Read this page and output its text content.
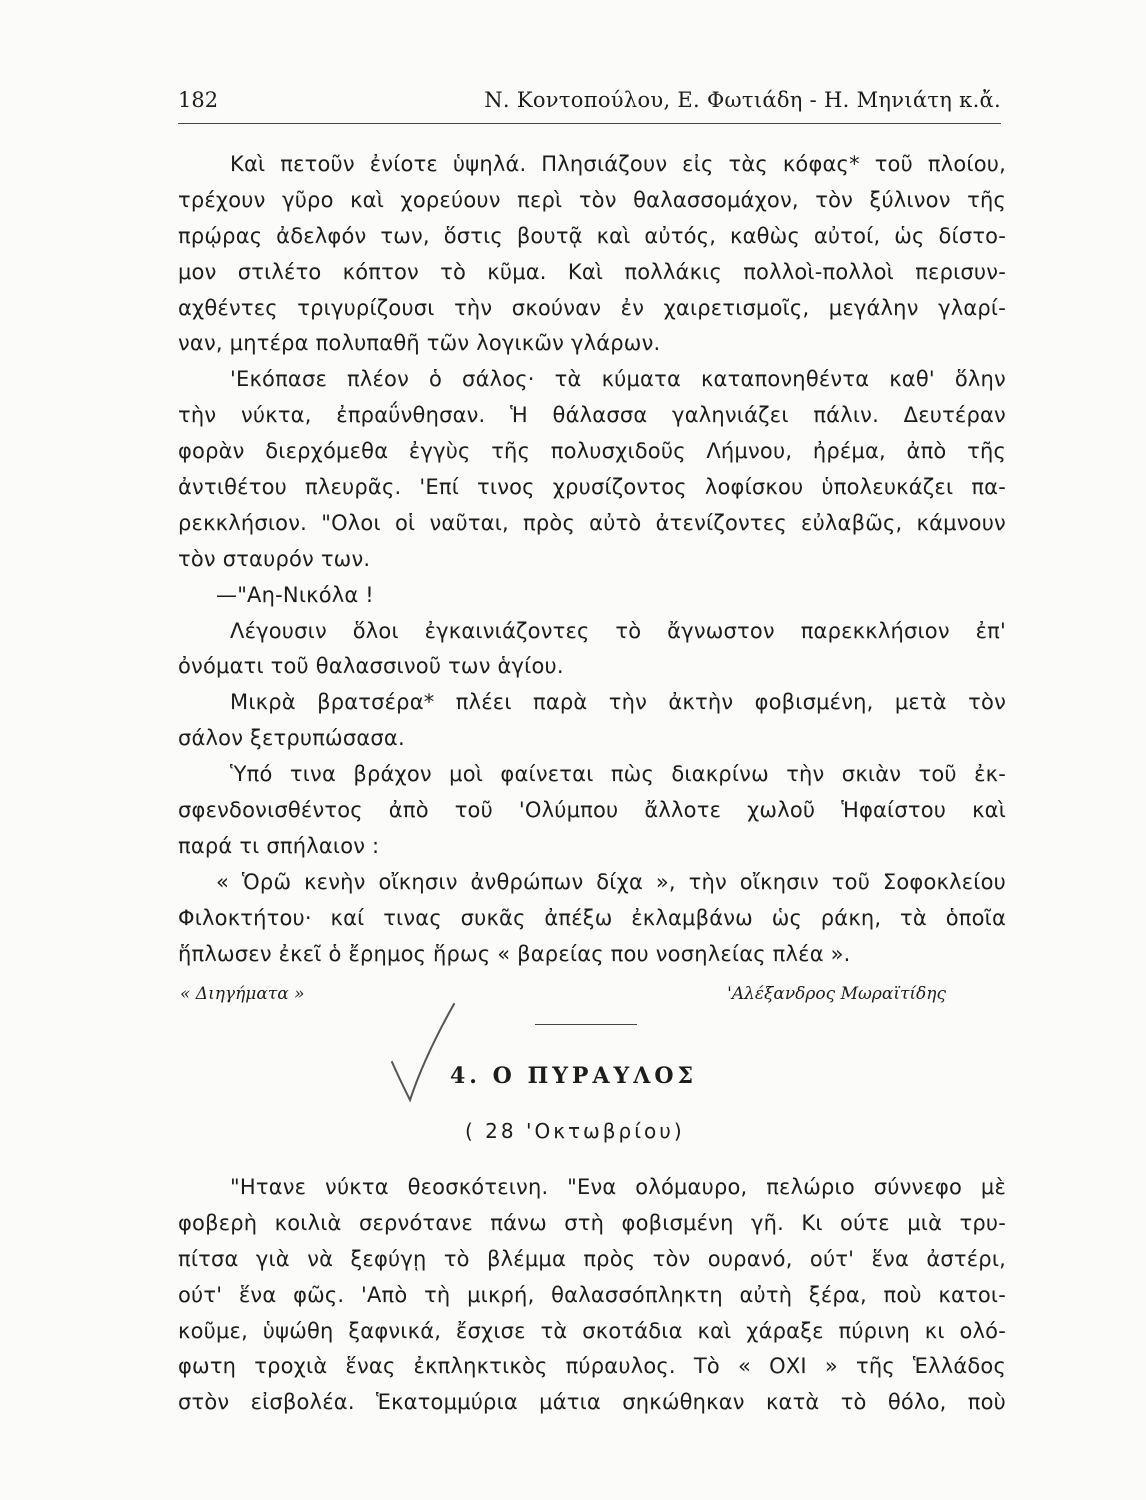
182	Ν. Κοντοπούλου, Ε. Φωτιάδη - Η. Μηνιάτη κ.ἄ.
Καὶ πετοῦν ἐνίοτε ὑψηλά. Πλησιάζουν εἰς τὰς κόφας* τοῦ πλοίου,
τρέχουν γῦρο καὶ χορεύουν περὶ τὸν θαλασσομάχον, τὸν ξύλινον τῆς
πρῴρας ἀδελφόν των, ὅστις βουτᾷ καὶ αὐτός, καθὼς αὐτοί, ὡς δίστο-
μον στιλέτο κόπτον τὸ κῦμα. Καὶ πολλάκις πολλοὶ-πολλοὶ περισυν-
αχθέντες τριγυρίζουσι τὴν σκούναν ἐν χαιρετισμοῖς, μεγάλην γλαρί-
ναν, μητέρα πολυπαθῆ τῶν λογικῶν γλάρων.
'Εκόπασε πλέον ὁ σάλος· τὰ κύματα καταπονηθέντα καθ' ὅλην
τὴν νύκτα, ἐπραΰνθησαν. Ἡ θάλασσα γαληνιάζει πάλιν. Δευτέραν
φορὰν διερχόμεθα ἐγγὺς τῆς πολυσχιδοῦς Λήμνου, ἠρέμα, ἀπὸ τῆς
ἀντιθέτου πλευρᾶς. 'Επί τινος χρυσίζοντος λοφίσκου ὑπολευκάζει πα-
ρεκκλήσιον. "Ολοι οἱ ναῦται, πρὸς αὐτὸ ἀτενίζοντες εὐλαβῶς, κάμνουν
τὸν σταυρόν των.
—"Αη-Νικόλα !
Λέγουσιν ὅλοι ἐγκαινιάζοντες τὸ ἄγνωστον παρεκκλήσιον ἐπ'
ὀνόματι τοῦ θαλασσινοῦ των ἁγίου.
Μικρὰ βρατσέρα* πλέει παρὰ τὴν ἀκτὴν φοβισμένη, μετὰ τὸν
σάλον ξετρυπώσασα.
Ὑπό τινα βράχον μοὶ φαίνεται πὼς διακρίνω τὴν σκιὰν τοῦ ἐκ-
σφενδονισθέντος ἀπὸ τοῦ 'Ολύμπου ἄλλοτε χωλοῦ Ἡφαίστου καὶ
παρά τι σπήλαιον :
« Ὁρῶ κενὴν οἴκησιν ἀνθρώπων δίχα », τὴν οἴκησιν τοῦ Σοφοκλείου
Φιλοκτήτου· καί τινας συκᾶς ἀπέξω ἐκλαμβάνω ὡς ράκη, τὰ ὁποῖα
ἥπλωσεν ἐκεῖ ὁ ἔρημος ἥρως « βαρείας που νοσηλείας πλέα ».
« Διηγήματα »	'Αλέξανδρος Μωραϊτίδης
4. Ο ΠΥΡΑΥΛΟΣ
( 28 'Οκτωβρίου)
"Ητανε νύκτα θεοσκότεινη. "Ενα ολόμαυρο, πελώριο σύννεφο μὲ
φοβερὴ κοιλιὰ σερνότανε πάνω στὴ φοβισμένη γῆ. Κι ούτε μιὰ τρυ-
πίτσα γιὰ νὰ ξεφύγῃ τὸ βλέμμα πρὸς τὸν ουρανό, ούτ' ἕνα ἀστέρι,
ούτ' ἕνα φῶς. 'Απὸ τὴ μικρή, θαλασσόπληκτη αὐτὴ ξέρα, ποὺ κατοι-
κοῦμε, ὑψώθη ξαφνικά, ἔσχισε τὰ σκοτάδια καὶ χάραξε πύρινη κι ολό-
φωτη τροχιὰ ἕνας ἐκπληκτικὸς πύραυλος. Τὸ « ΟΧΙ » τῆς Ἑλλάδος
στὸν εἰσβολέα. Ἑκατομμύρια μάτια σηκώθηκαν κατὰ τὸ θόλο, ποὺ
